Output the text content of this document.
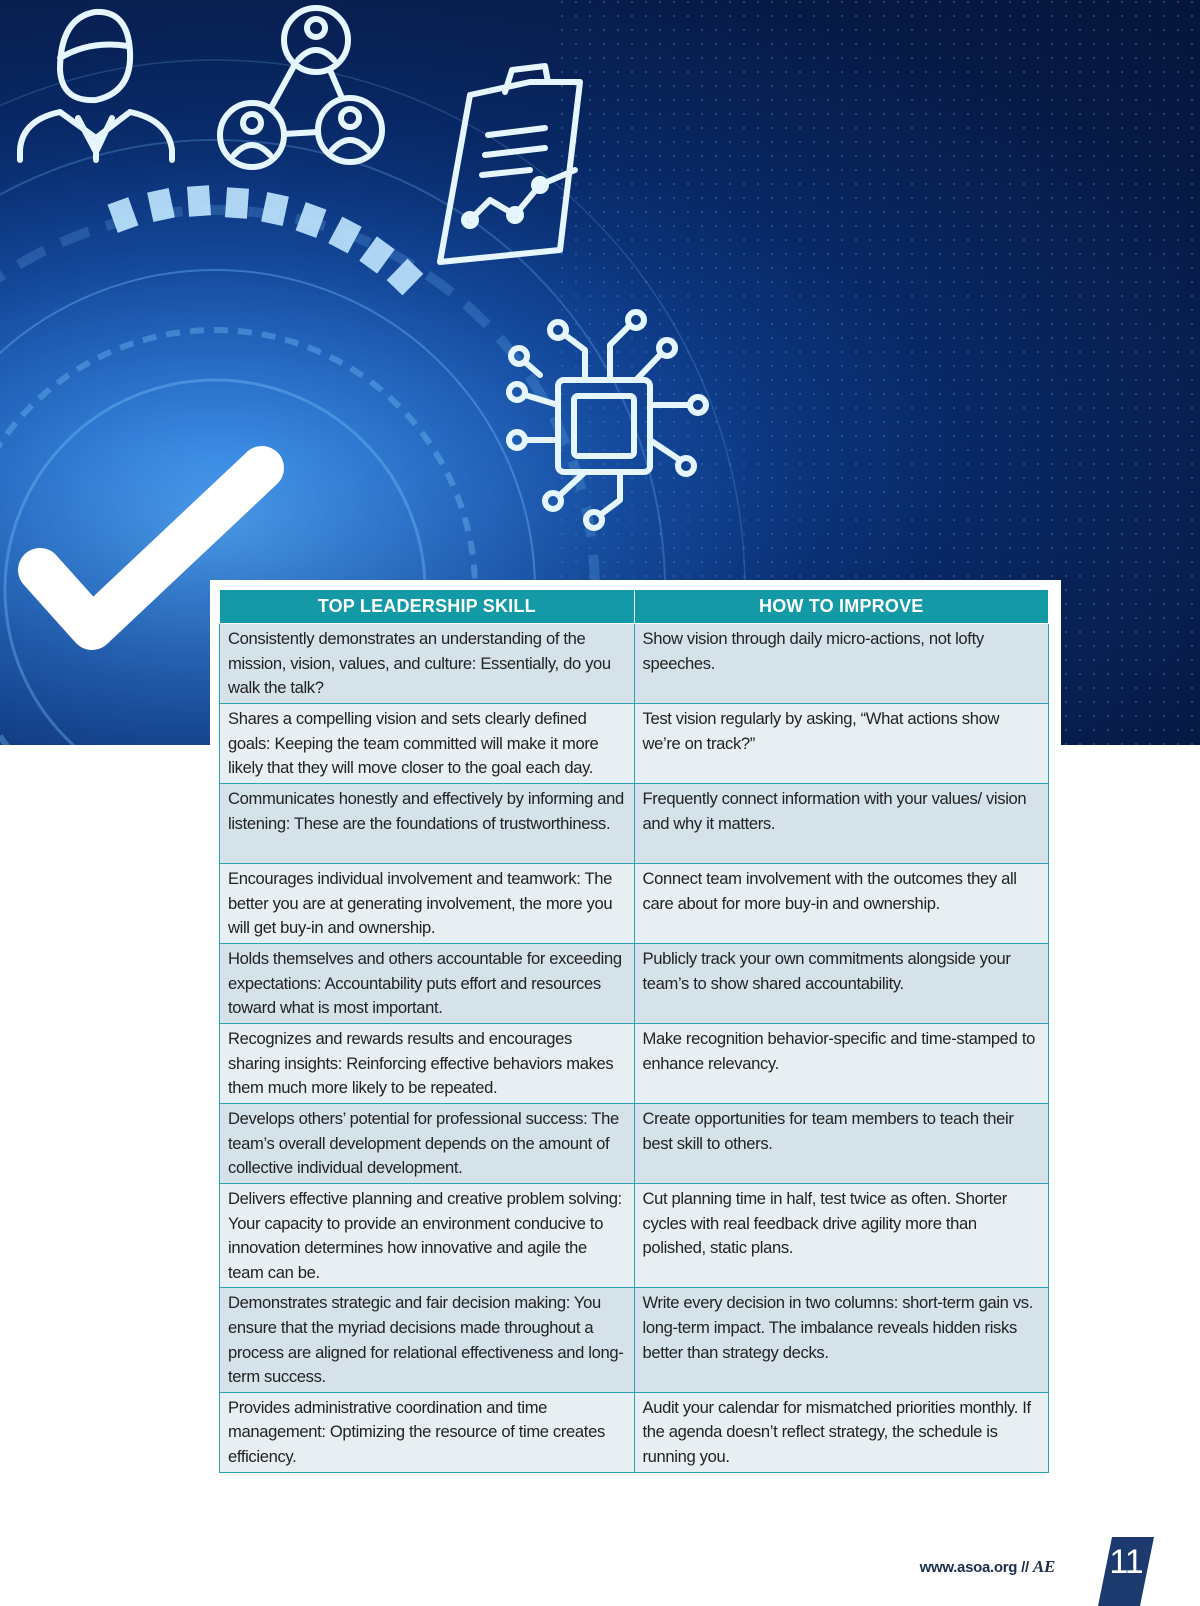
TOP LEADERSHIP SKILL	HOW TO IMPROVE
Consistently demonstrates an understanding of the mission, vision, values, and culture: Essentially, do you walk the talk?	Show vision through daily micro-actions, not lofty speeches.
Shares a compelling vision and sets clearly defined goals: Keeping the team committed will make it more likely that they will move closer to the goal each day.	Test vision regularly by asking, “What actions show we’re on track?”
Communicates honestly and effectively by informing and listening: These are the foundations of trustworthiness.	Frequently connect information with your values/ vision and why it matters.
Encourages individual involvement and teamwork: The better you are at generating involvement, the more you will get buy-in and ownership.	Connect team involvement with the outcomes they all care about for more buy-in and ownership.
Holds themselves and others accountable for exceeding expectations: Accountability puts effort and resources toward what is most important.	Publicly track your own commitments alongside your team’s to show shared accountability.
Recognizes and rewards results and encourages sharing insights: Reinforcing effective behaviors makes them much more likely to be repeated.	Make recognition behavior-specific and time-stamped to enhance relevancy.
Develops others’ potential for professional success: The team’s overall development depends on the amount of collective individual development.	Create opportunities for team members to teach their best skill to others.
Delivers effective planning and creative problem solving: Your capacity to provide an environment conducive to innovation determines how innovative and agile the team can be.	Cut planning time in half, test twice as often. Shorter cycles with real feedback drive agility more than polished, static plans.
Demonstrates strategic and fair decision making: You ensure that the myriad decisions made throughout a process are aligned for relational effectiveness and long-term success.	Write every decision in two columns: short-term gain vs. long-term impact. The imbalance reveals hidden risks better than strategy decks.
Provides administrative coordination and time management: Optimizing the resource of time creates efficiency.	Audit your calendar for mismatched priorities monthly. If the agenda doesn’t reflect strategy, the schedule is running you.
www.asoa.org // AE 11
